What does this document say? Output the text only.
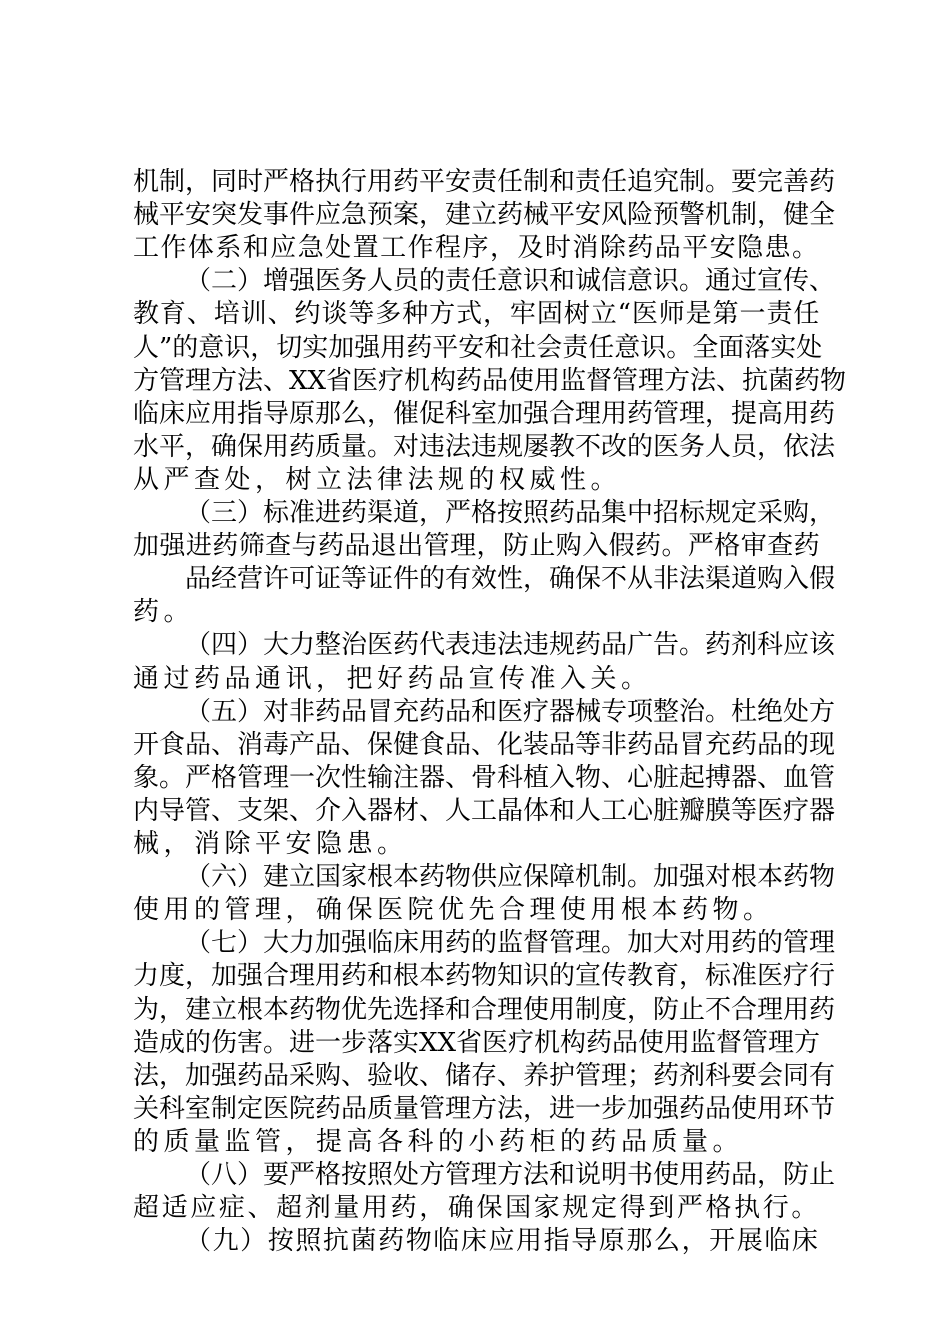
机制，同时严格执行用药平安责任制和责任追究制。要完善药
械平安突发事件应急预案，建立药械平安风险预警机制，健全
工作体系和应急处置工作程序，及时消除药品平安隐患。
（二）增强医务人员的责任意识和诚信意识。通过宣传、
教育、培训、约谈等多种方式，牢固树立“医师是第一责任
人”的意识，切实加强用药平安和社会责任意识。全面落实处
方管理方法、XX省医疗机构药品使用监督管理方法、抗菌药物
临床应用指导原那么，催促科室加强合理用药管理，提高用药
水平，确保用药质量。对违法违规屡教不改的医务人员，依法
从严查处，树立法律法规的权威性。
（三）标准进药渠道，严格按照药品集中招标规定采购，
加强进药筛查与药品退出管理，防止购入假药。严格审查药
品经营许可证等证件的有效性，确保不从非法渠道购入假
药。
（四）大力整治医药代表违法违规药品广告。药剂科应该
通过药品通讯，把好药品宣传准入关。
（五）对非药品冒充药品和医疗器械专项整治。杜绝处方
开食品、消毒产品、保健食品、化装品等非药品冒充药品的现
象。严格管理一次性输注器、骨科植入物、心脏起搏器、血管
内导管、支架、介入器材、人工晶体和人工心脏瓣膜等医疗器
械，消除平安隐患。
（六）建立国家根本药物供应保障机制。加强对根本药物
使用的管理，确保医院优先合理使用根本药物。
（七）大力加强临床用药的监督管理。加大对用药的管理
力度，加强合理用药和根本药物知识的宣传教育，标准医疗行
为，建立根本药物优先选择和合理使用制度，防止不合理用药
造成的伤害。进一步落实XX省医疗机构药品使用监督管理方
法，加强药品采购、验收、储存、养护管理；药剂科要会同有
关科室制定医院药品质量管理方法，进一步加强药品使用环节
的质量监管，提高各科的小药柜的药品质量。
（八）要严格按照处方管理方法和说明书使用药品，防止
超适应症、超剂量用药，确保国家规定得到严格执行。
（九）按照抗菌药物临床应用指导原那么，开展临床
